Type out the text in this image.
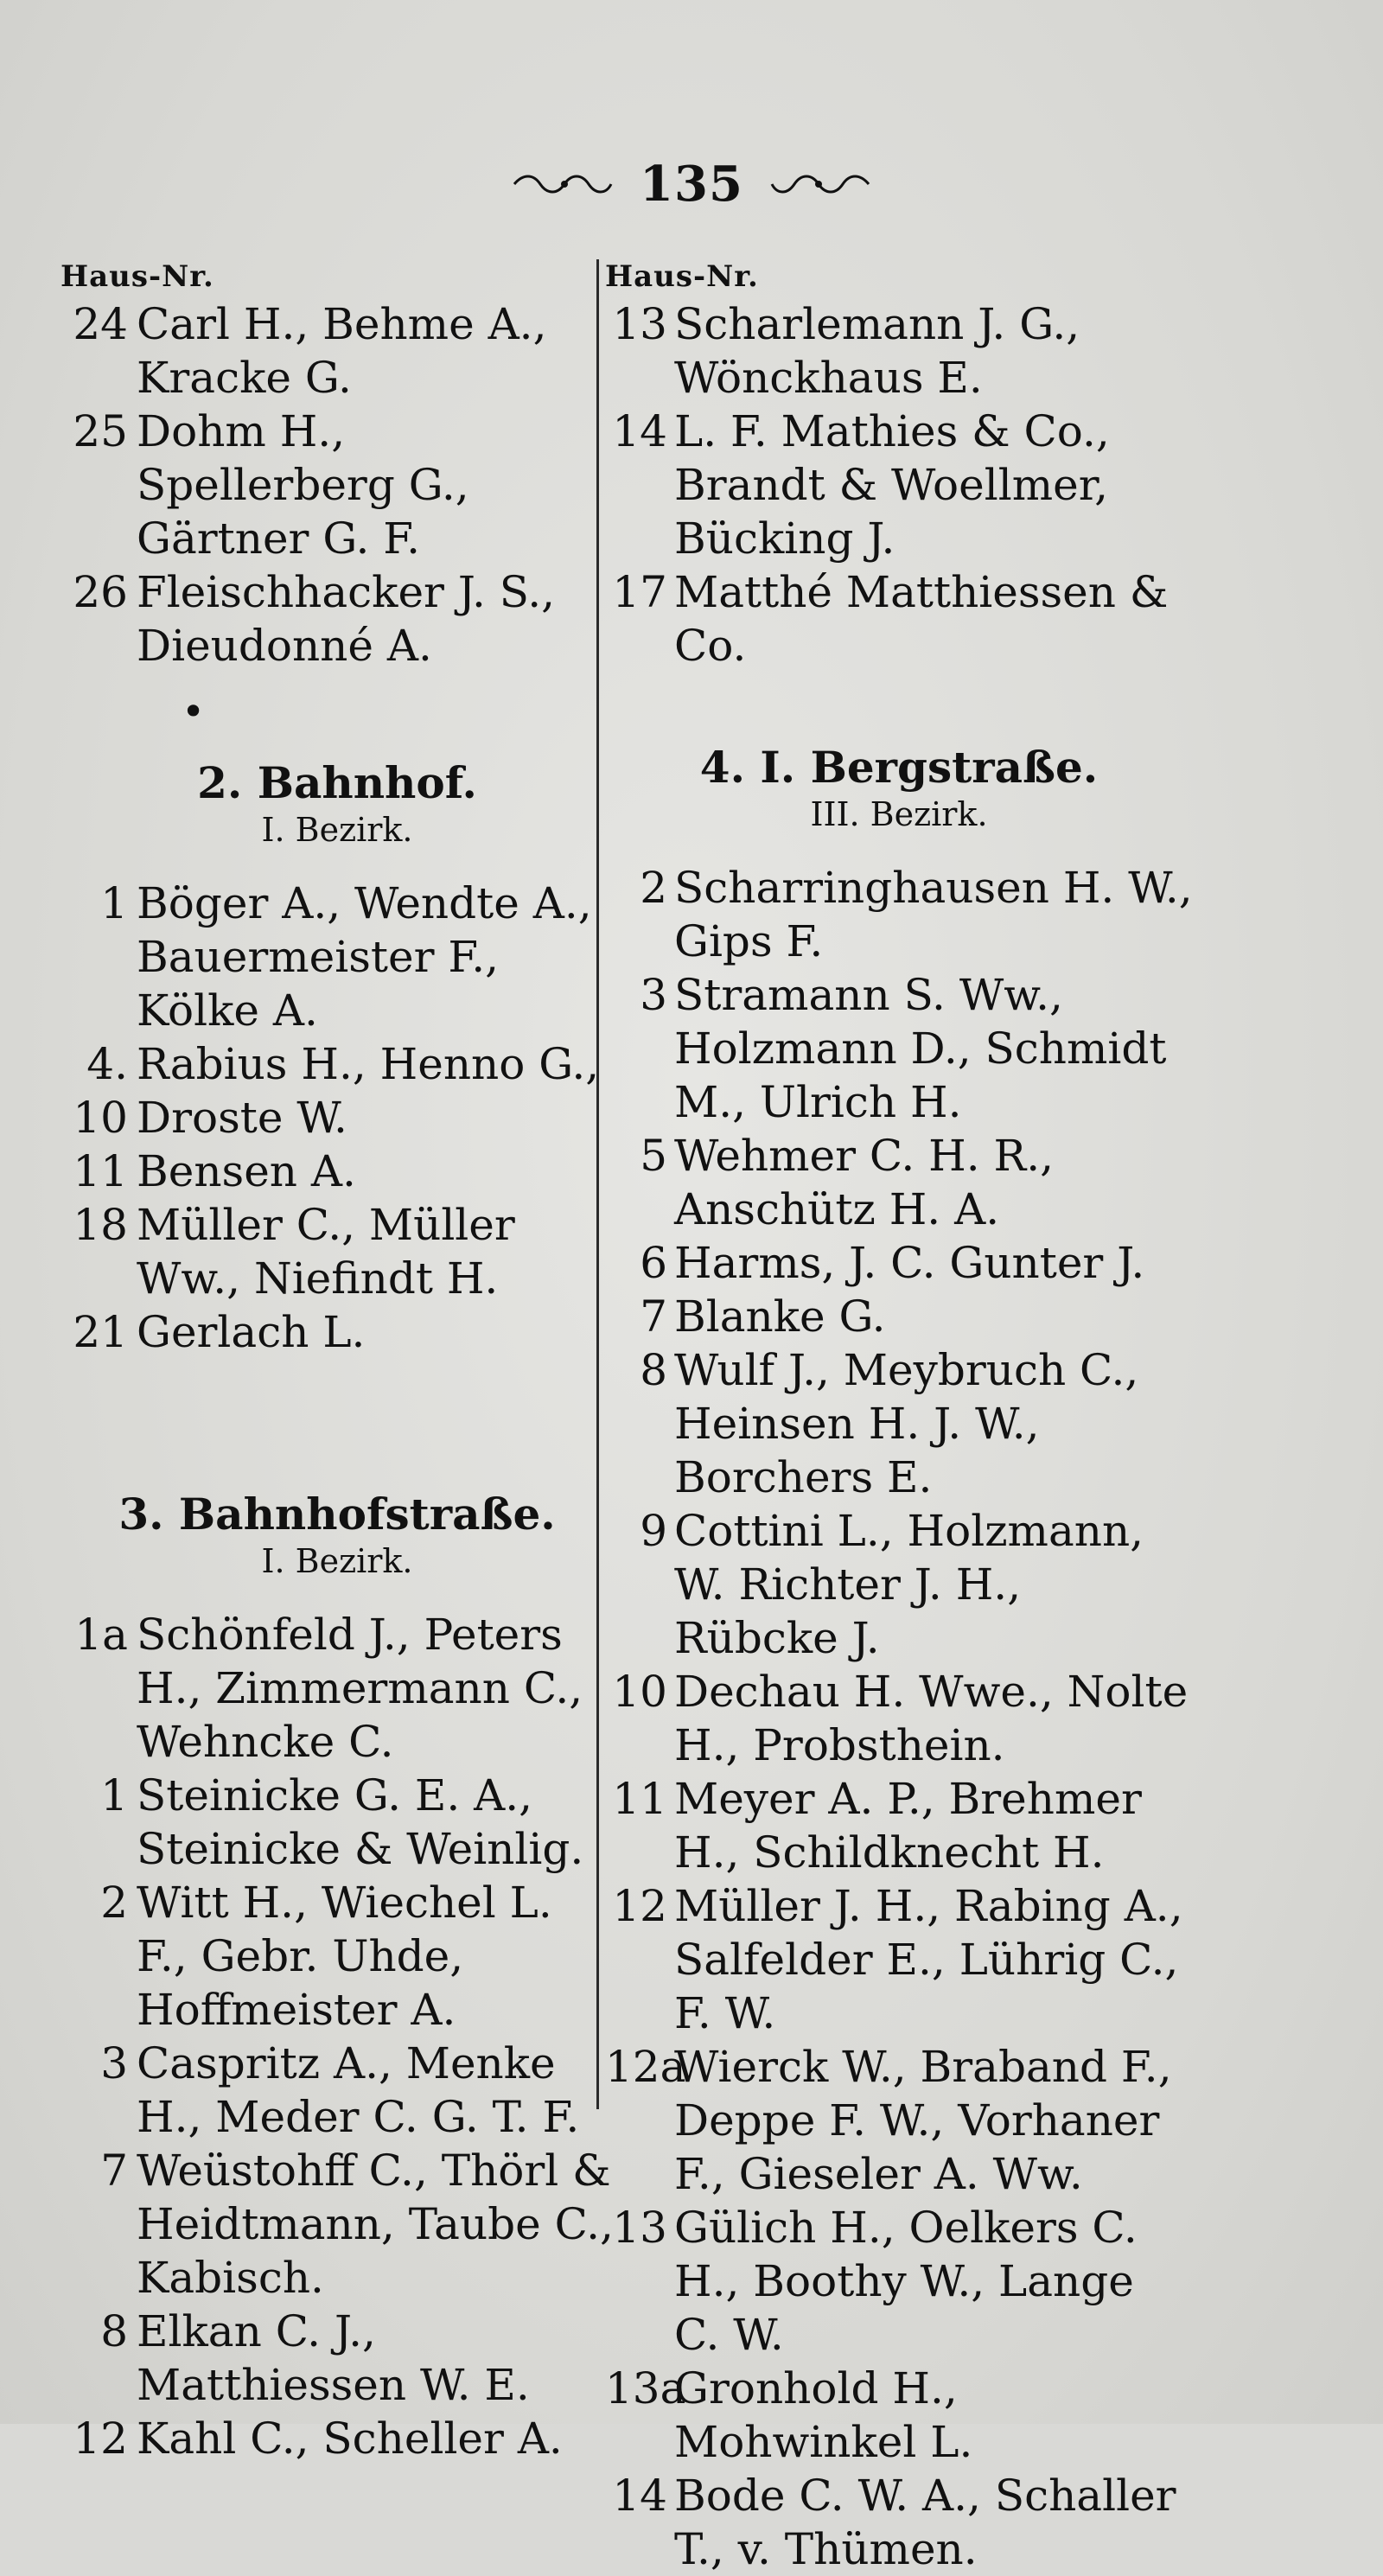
135
Haus-Nr.
24 Carl H., Behme A., Kracke G.
25 Dohm H., Spellerberg G., Gärtner G. F.
26 Fleischhacker J. S., Dieudonné A.
•
2. Bahnhof.
I. Bezirk.
1 Böger A., Wendte A., Bauermeister F., Kölke A.
4. Rabius H., Henno G.,
10 Droste W.
11 Bensen A.
18 Müller C., Müller Ww., Niefindt H.
21 Gerlach L.
3. Bahnhofstraße.
I. Bezirk.
1a Schönfeld J., Peters H., Zimmermann C., Wehncke C.
1 Steinicke G. E. A., Steinicke & Weinlig.
2 Witt H., Wiechel L. F., Gebr. Uhde, Hoffmeister A.
3 Caspritz A., Menke H., Meder C. G. T. F.
7 Weüstohff C., Thörl & Heidtmann, Taube C., Kabisch.
8 Elkan C. J., Matthiessen W. E.
12 Kahl C., Scheller A.
Haus-Nr.
13 Scharlemann J. G., Wönckhaus E.
14 L. F. Mathies & Co., Brandt & Woellmer, Bücking J.
17 Matthé Matthiessen & Co.
4. I. Bergstraße.
III. Bezirk.
2 Scharringhausen H. W., Gips F.
3 Stramann S. Ww., Holzmann D., Schmidt M., Ulrich H.
5 Wehmer C. H. R., Anschütz H. A.
6 Harms, J. C. Gunter J.
7 Blanke G.
8 Wulf J., Meybruch C., Heinsen H. J. W., Borchers E.
9 Cottini L., Holzmann, W. Richter J. H., Rübcke J.
10 Dechau H. Wwe., Nolte H., Probsthein.
11 Meyer A. P., Brehmer H., Schildknecht H.
12 Müller J. H., Rabing A., Salfelder E., Lührig C., F. W.
12a
Wierck W., Braband F., Deppe F. W., Vorhaner F., Gieseler A. Ww.
13 Gülich H., Oelkers C. H., Boothy W., Lange C. W.
13a
Gronhold H., Mohwinkel L.
14 Bode C. W. A., Schaller T., v. Thümen.
